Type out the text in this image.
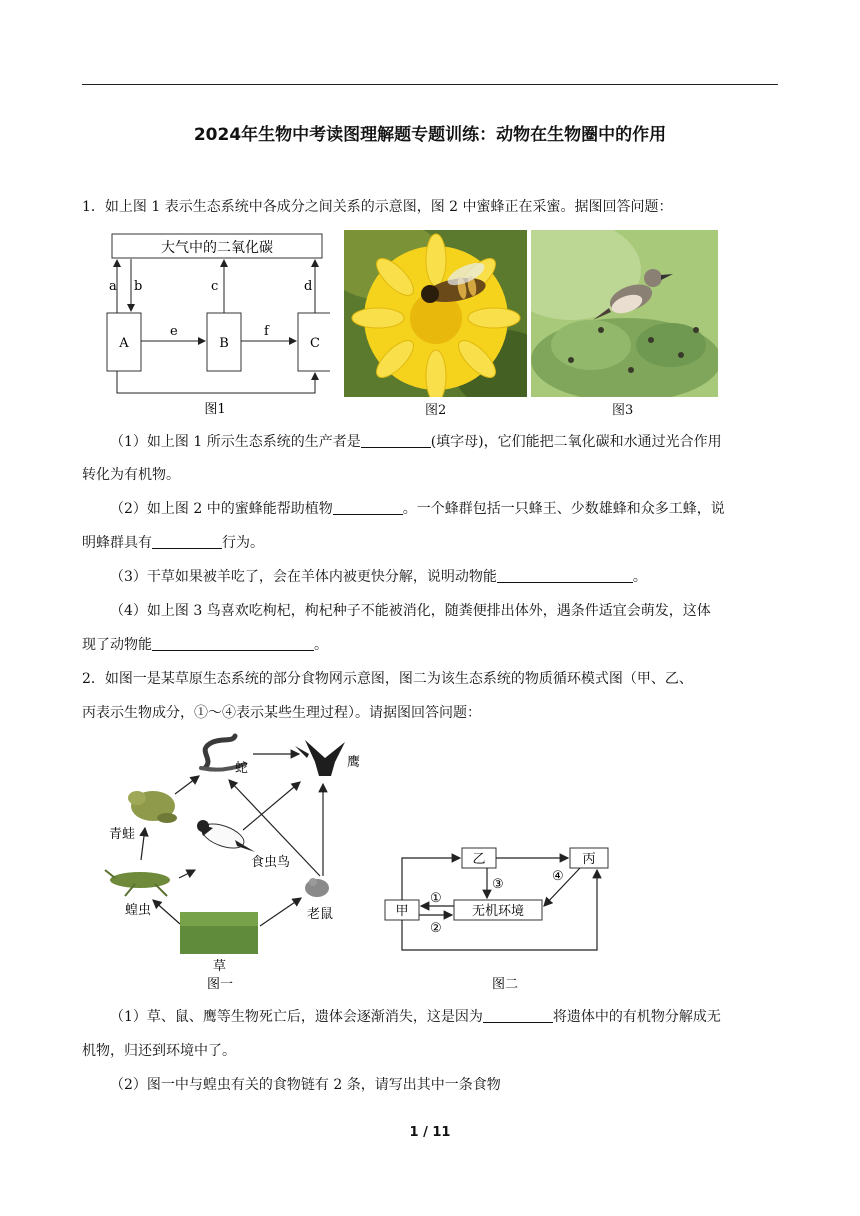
2024年生物中考读图理解题专题训练：动物在生物圈中的作用
1．如上图 1 表示生态系统中各成分之间关系的示意图，图 2 中蜜蜂正在采蜜。据图回答问题：
大气中的二氧化碳
A	B	C
a b	c	d
e	f
图1	图2	图3
（1）如上图 1 所示生态系统的生产者是	(填字母)，它们能把二氧化碳和水通过光合作用
转化为有机物。
（2）如上图 2 中的蜜蜂能帮助植物	。一个蜂群包括一只蜂王、少数雄蜂和众多工蜂，说
明蜂群具有	行为。
（3）干草如果被羊吃了，会在羊体内被更快分解，说明动物能	。
（4）如上图 3 鸟喜欢吃枸杞，枸杞种子不能被消化，随粪便排出体外，遇条件适宜会萌发，这体
现了动物能	。
2．如图一是某草原生态系统的部分食物网示意图，图二为该生态系统的物质循环模式图（甲、乙、
丙表示生物成分，①～④表示某些生理过程）。请据图回答问题：
蛇	鹰
青蛙
食虫鸟
蝗虫	老鼠
草
图一
乙	丙
甲	无机环境
①
②
③
④
图二
（1）草、鼠、鹰等生物死亡后，遗体会逐渐消失，这是因为	将遗体中的有机物分解成无
机物，归还到环境中了。
（2）图一中与蝗虫有关的食物链有 2 条，请写出其中一条食物
1 / 11
